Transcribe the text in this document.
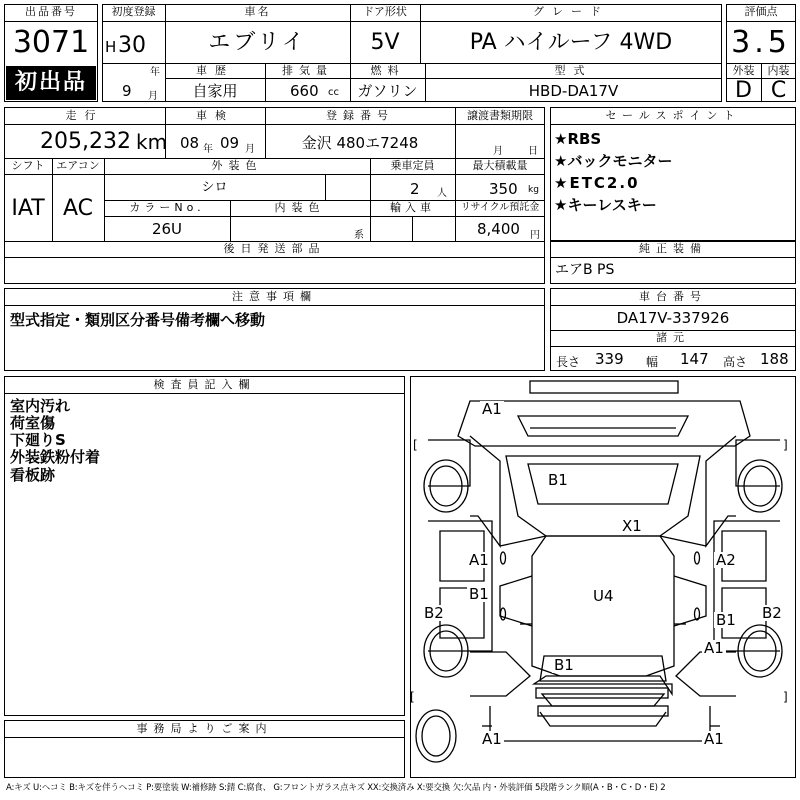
出品番号
3071
初出品
初度登録
H 30
年
9 月
車名
エブリイ
ドア形状
5V
グレード
PA ハイルーフ 4WD
車歴
自家用
排気量
660 cc
燃料
ガソリン
型式
HBD-DA17V
評価点
3.5
外装	内装
D C
走行
205,232 km
車検
08 年 09 月
登録番号
金沢 480エ7248
譲渡書類期限
月	日
シフト
IAT
エアコン
AC
外装色
シロ
乗車定員
2 人
最大積載量
350 kg
カラーNo.
26U
内装色
系
輸入車	リサイクル預託金
8,400 円
後日発送部品
セールスポイント
★RBS
★バックモニター
★ETC2.0
★キーレスキー
純正装備
エアB PS
注意事項欄
型式指定・類別区分番号備考欄へ移動
車台番号
DA17V-337926
諸元
長さ 339 幅 147 高さ 188
検査員記入欄
室内汚れ
荷室傷
下廻りS
外装鉄粉付着
看板跡
事務局よりご案内
[
[
]
]
A1
B1
X1
A1	A2
B1	U4
B2	B1 B2
A1
B1
A1	A1
A:キズ U:ヘコミ B:キズを伴うヘコミ P:要塗装 W:補修跡 S:錆 C:腐食、 G:フロントガラス点キズ XX:交換済み X:要交換 欠:欠品 内・外装評価 5段階ランク順(A・B・C・D・E) 2
